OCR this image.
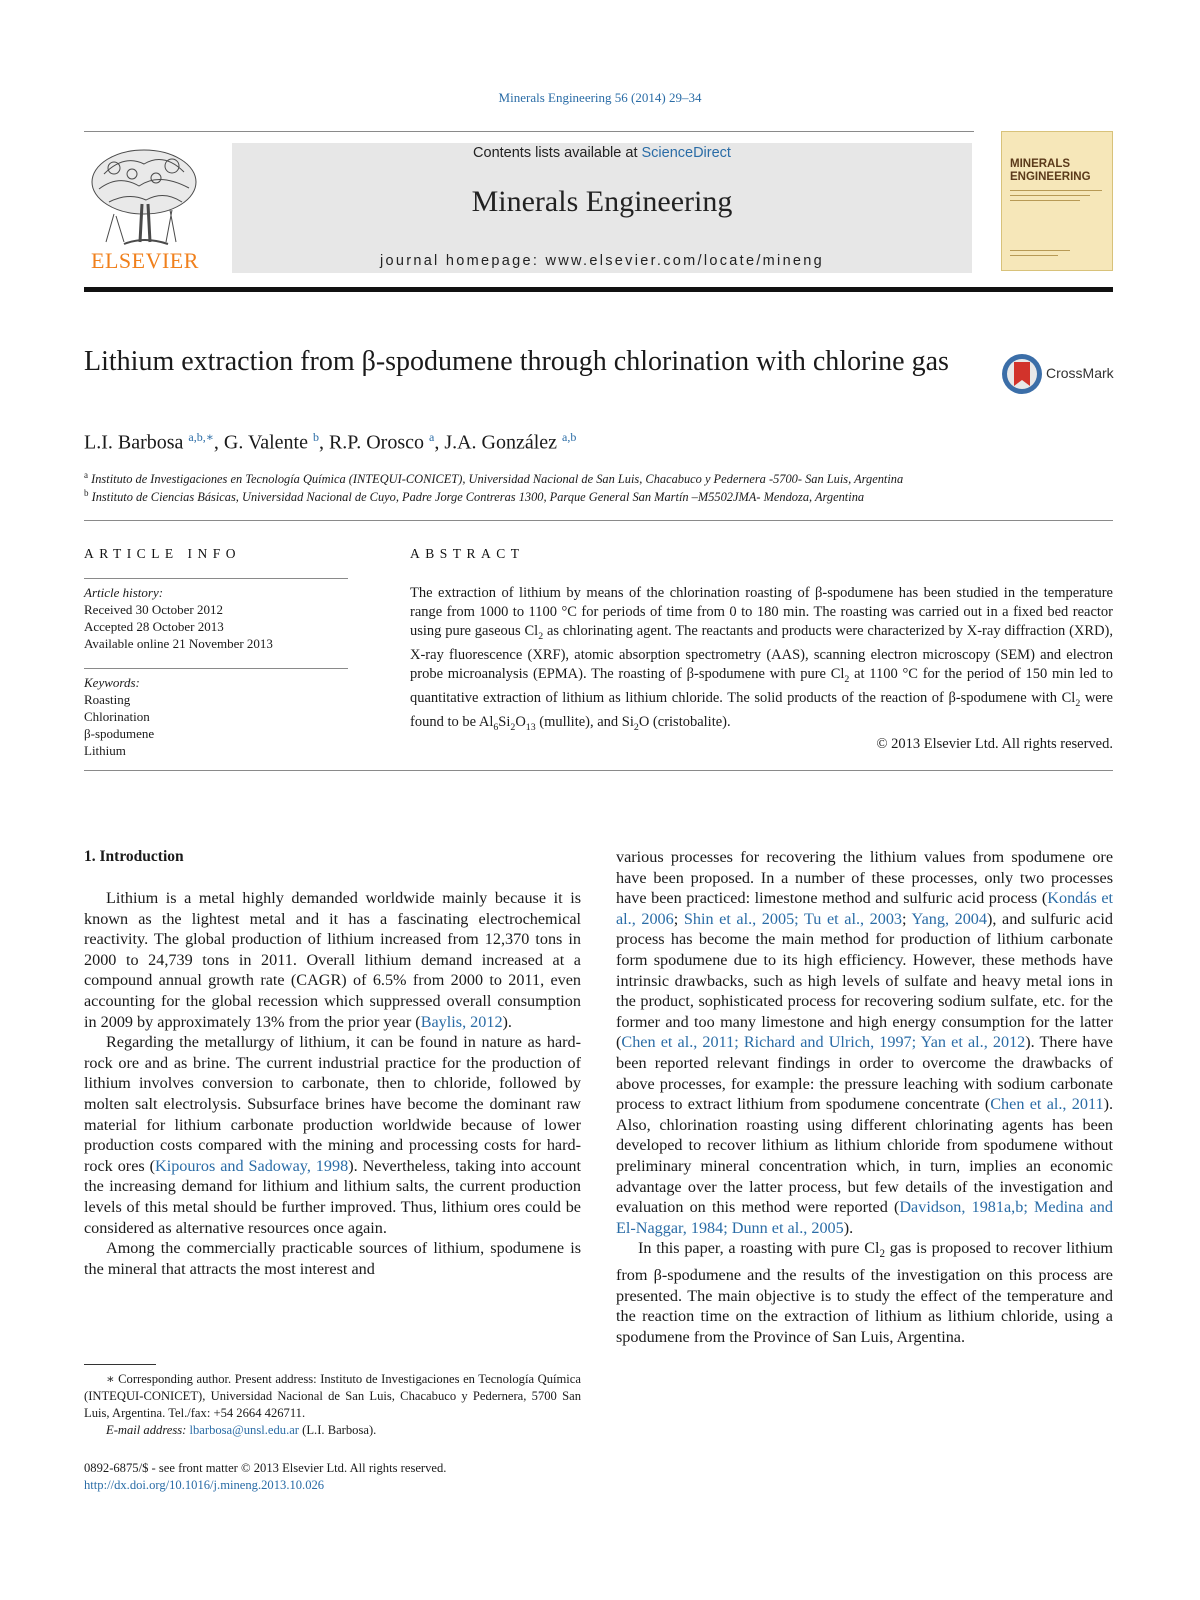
Minerals Engineering 56 (2014) 29–34
ELSEVIER
Contents lists available at ScienceDirect
Minerals Engineering
journal homepage: www.elsevier.com/locate/mineng
MINERALS
ENGINEERING
Lithium extraction from β-spodumene through chlorination with chlorine gas	CrossMark
L.I. Barbosa $^{a,b,∗}$, G. Valente $^b$, R.P. Orosco $^a$, J.A. González $^{a,b}$
$^a$ Instituto de Investigaciones en Tecnología Química (INTEQUI-CONICET), Universidad Nacional de San Luis, Chacabuco y Pedernera -5700- San Luis, Argentina
$^b$ Instituto de Ciencias Básicas, Universidad Nacional de Cuyo, Padre Jorge Contreras 1300, Parque General San Martín –M5502JMA- Mendoza, Argentina
ARTICLE INFO
Article history:
Received 30 October 2012
Accepted 28 October 2013
Available online 21 November 2013
Keywords:
Roasting
Chlorination
β-spodumene
Lithium
ABSTRACT
The extraction of lithium by means of the chlorination roasting of β-spodumene has been studied in the temperature range from 1000 to 1100 °C for periods of time from 0 to 180 min. The roasting was carried out in a fixed bed reactor using pure gaseous $Cl_2$ as chlorinating agent. The reactants and products were characterized by X-ray diffraction (XRD), X-ray fluorescence (XRF), atomic absorption spectrometry (AAS), scanning electron microscopy (SEM) and electron probe microanalysis (EPMA). The roasting of β-spodumene with pure $Cl_2$ at 1100 °C for the period of 150 min led to quantitative extraction of lithium as lithium chloride. The solid products of the reaction of β-spodumene with $Cl_2$ were found to be $Al_6Si_2O_{13}$ (mullite), and $Si_2O$ (cristobalite).
© 2013 Elsevier Ltd. All rights reserved.
1. Introduction

Lithium is a metal highly demanded worldwide mainly because it is known as the lightest metal and it has a fascinating electrochemical reactivity. The global production of lithium increased from 12,370 tons in 2000 to 24,739 tons in 2011. Overall lithium demand increased at a compound annual growth rate (CAGR) of 6.5% from 2000 to 2011, even accounting for the global recession which suppressed overall consumption in 2009 by approximately 13% from the prior year (Baylis, 2012).

Regarding the metallurgy of lithium, it can be found in nature as hard-rock ore and as brine. The current industrial practice for the production of lithium involves conversion to carbonate, then to chloride, followed by molten salt electrolysis. Subsurface brines have become the dominant raw material for lithium carbonate production worldwide because of lower production costs compared with the mining and processing costs for hard-rock ores (Kipouros and Sadoway, 1998). Nevertheless, taking into account the increasing demand for lithium and lithium salts, the current production levels of this metal should be further improved. Thus, lithium ores could be considered as alternative resources once again.

Among the commercially practicable sources of lithium, spodumene is the mineral that attracts the most interest and

various processes for recovering the lithium values from spodumene ore have been proposed. In a number of these processes, only two processes have been practiced: limestone method and sulfuric acid process (Kondás et al., 2006; Shin et al., 2005; Tu et al., 2003; Yang, 2004), and sulfuric acid process has become the main method for production of lithium carbonate form spodumene due to its high efficiency. However, these methods have intrinsic drawbacks, such as high levels of sulfate and heavy metal ions in the product, sophisticated process for recovering sodium sulfate, etc. for the former and too many limestone and high energy consumption for the latter (Chen et al., 2011; Richard and Ulrich, 1997; Yan et al., 2012). There have been reported relevant findings in order to overcome the drawbacks of above processes, for example: the pressure leaching with sodium carbonate process to extract lithium from spodumene concentrate (Chen et al., 2011). Also, chlorination roasting using different chlorinating agents has been developed to recover lithium as lithium chloride from spodumene without preliminary mineral concentration which, in turn, implies an economic advantage over the latter process, but few details of the investigation and evaluation on this method were reported (Davidson, 1981a,b; Medina and El-Naggar, 1984; Dunn et al., 2005).

In this paper, a roasting with pure $Cl_2$ gas is proposed to recover lithium from β-spodumene and the results of the investigation on this process are presented. The main objective is to study the effect of the temperature and the reaction time on the extraction of lithium as lithium chloride, using a spodumene from the Province of San Luis, Argentina.

∗ Corresponding author. Present address: Instituto de Investigaciones en Tecnología Química (INTEQUI-CONICET), Universidad Nacional de San Luis, Chacabuco y Pedernera, 5700 San Luis, Argentina. Tel./fax: +54 2664 426711.

E-mail address: lbarbosa@unsl.edu.ar (L.I. Barbosa).

0892-6875/$ - see front matter © 2013 Elsevier Ltd. All rights reserved.
http://dx.doi.org/10.1016/j.mineng.2013.10.026
